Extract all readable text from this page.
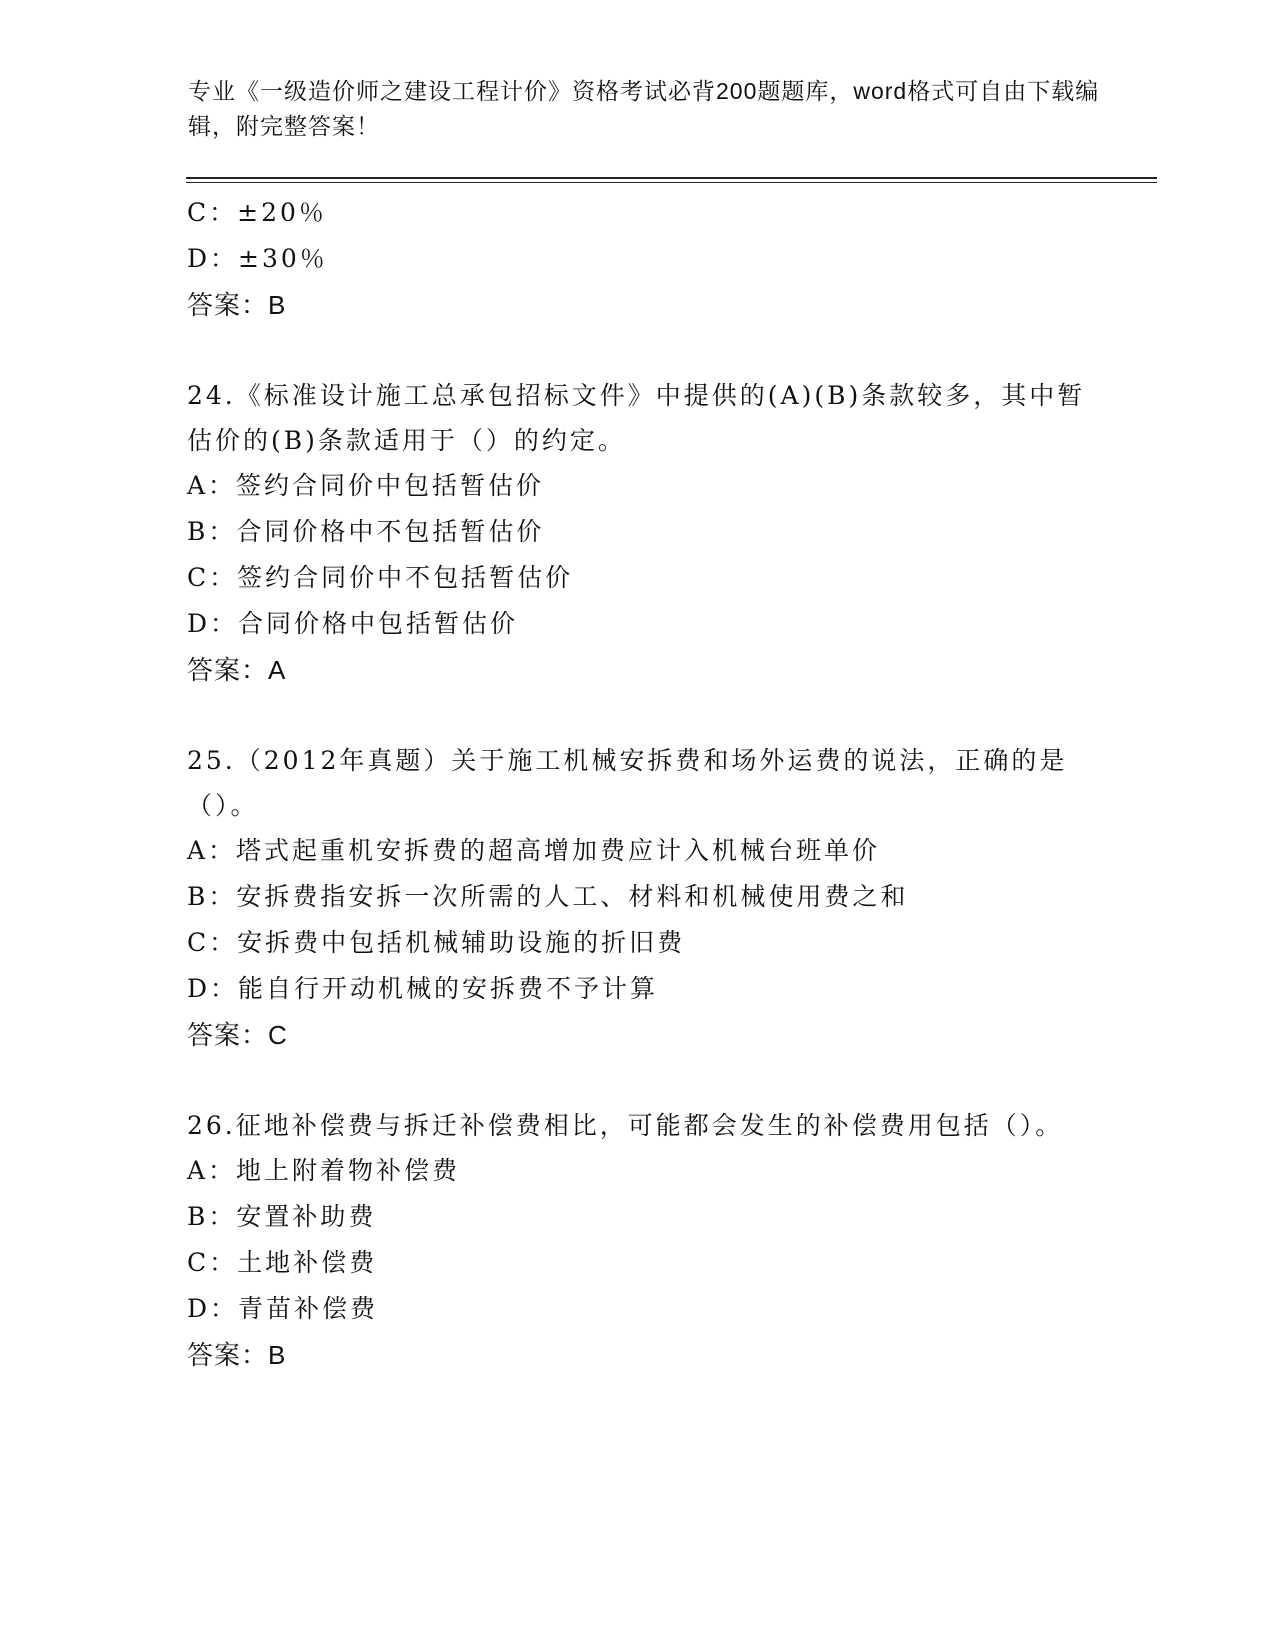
专业《一级造价师之建设工程计价》资格考试必背200题题库，word格式可自由下载编辑，附完整答案！

C：±20％

D：±30％

答案：B

24.《标准设计施工总承包招标文件》中提供的(A)(B)条款较多，其中暂估价的(B)条款适用于（）的约定。

A：签约合同价中包括暂估价

B：合同价格中不包括暂估价

C：签约合同价中不包括暂估价

D：合同价格中包括暂估价

答案：A

25.（2012年真题）关于施工机械安拆费和场外运费的说法，正确的是（）。

A：塔式起重机安拆费的超高增加费应计入机械台班单价

B：安拆费指安拆一次所需的人工、材料和机械使用费之和

C：安拆费中包括机械辅助设施的折旧费

D：能自行开动机械的安拆费不予计算

答案：C

26.征地补偿费与拆迁补偿费相比，可能都会发生的补偿费用包括（）。

A：地上附着物补偿费

B：安置补助费

C：土地补偿费

D：青苗补偿费

答案：B
